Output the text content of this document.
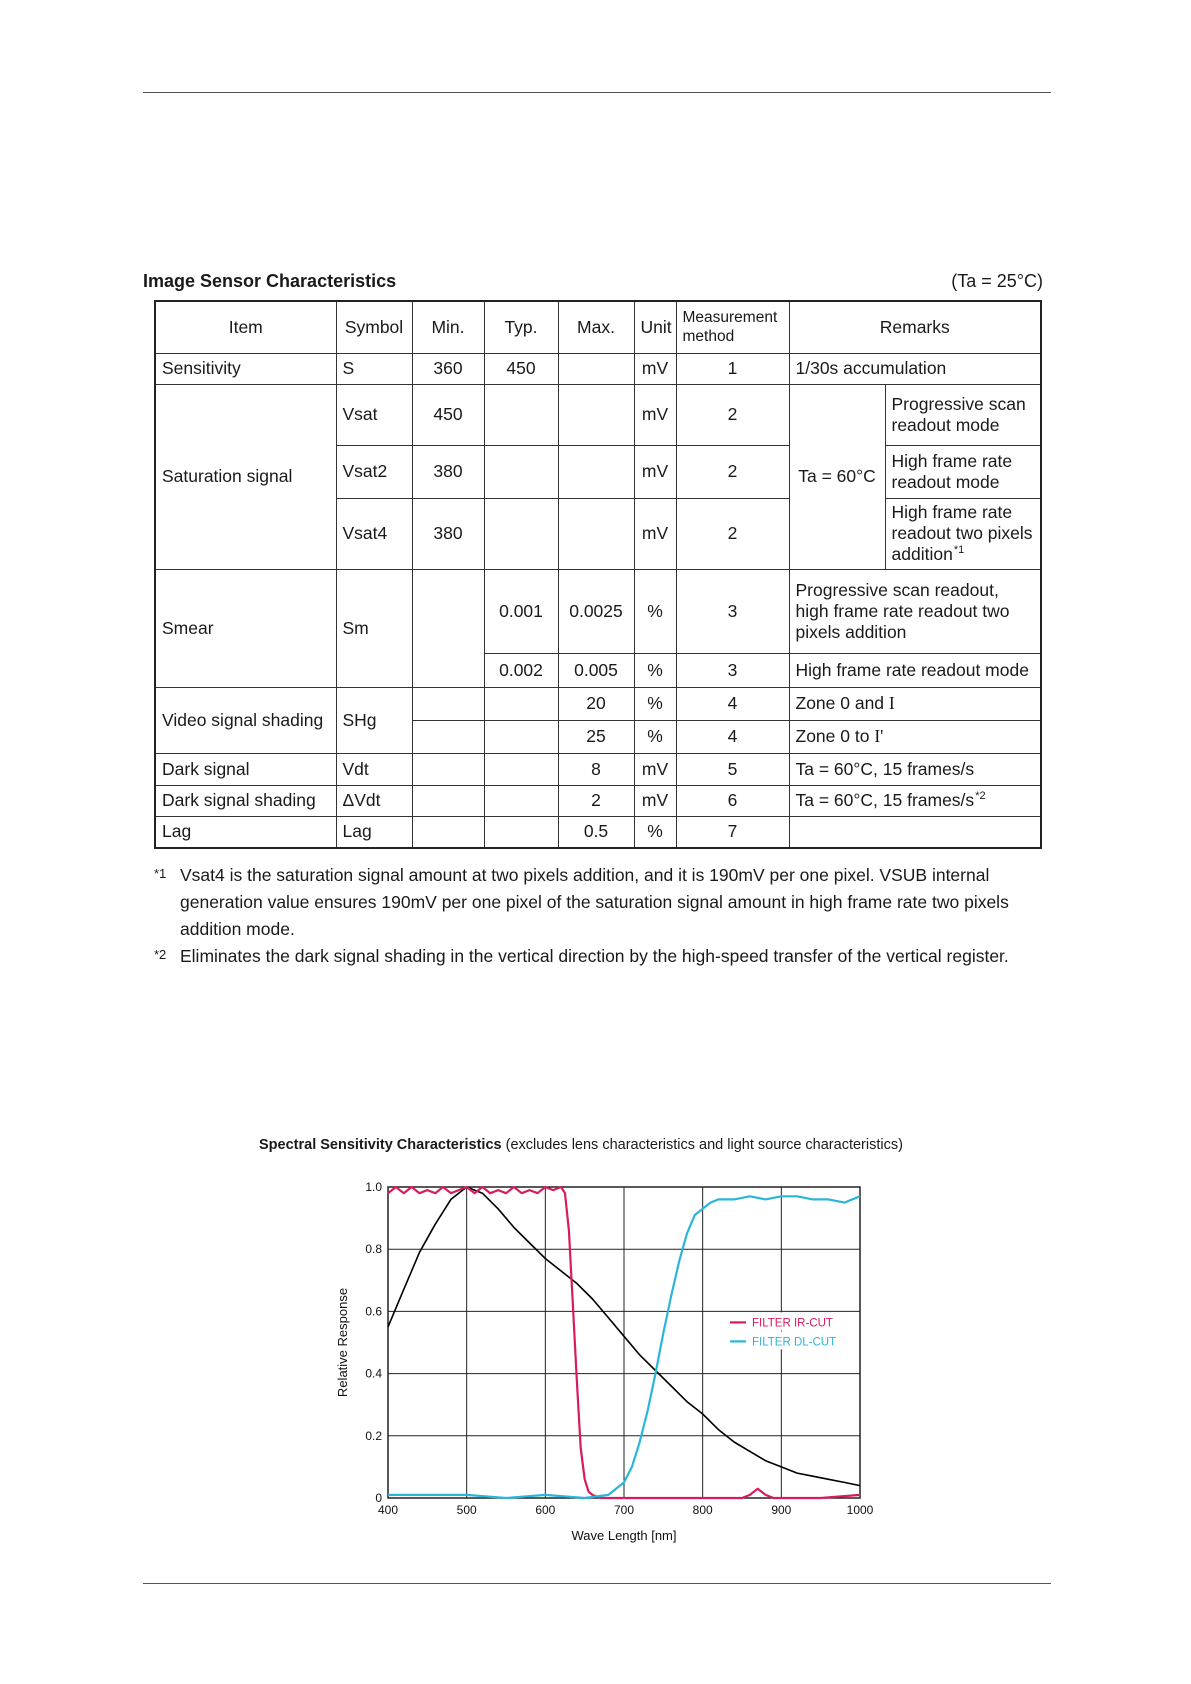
Image Sensor Characteristics	(Ta = 25°C)
Item	Symbol	Min.	Typ.	Max.	Unit	Measurement method	Remarks	
Sensitivity	S	360	450		mV	1	1/30s accumulation	
Saturation signal	Vsat	450			mV	2	Ta = 60°C	Progressive scan readout mode
	Vsat2	380			mV	2		High frame rate readout mode
	Vsat4	380			mV	2		High frame rate readout two pixels addition$^{*1}$
Smear	Sm		0.001	0.0025	%	3	Progressive scan readout, high frame rate readout two pixels addition	
			0.002	0.005	%	3	High frame rate readout mode	
Video signal shading	SHg			20	%	4	Zone 0 and I	
				25	%	4	Zone 0 to I'	
Dark signal	Vdt			8	mV	5	Ta = 60°C, 15 frames/s	
Dark signal shading	ΔVdt			2	mV	6	Ta = 60°C, 15 frames/$s^{*2}$
Lag	Lag			0.5	%	7		
*1 Vsat4 is the saturation signal amount at two pixels addition, and it is 190mV per one pixel. VSUB internal generation value ensures 190mV per one pixel of the saturation signal amount in high frame rate two pixels addition mode.
*2 Eliminates the dark signal shading in the vertical direction by the high-speed transfer of the vertical register.
Spectral Sensitivity Characteristics (excludes lens characteristics and light source characteristics)
400	500	600	700	800	900	1000
0
0.2
0.4
0.6
0.8
1.0
Wave Length [nm]
Relative Response	FILTER IR-CUT
FILTER DL-CUT
